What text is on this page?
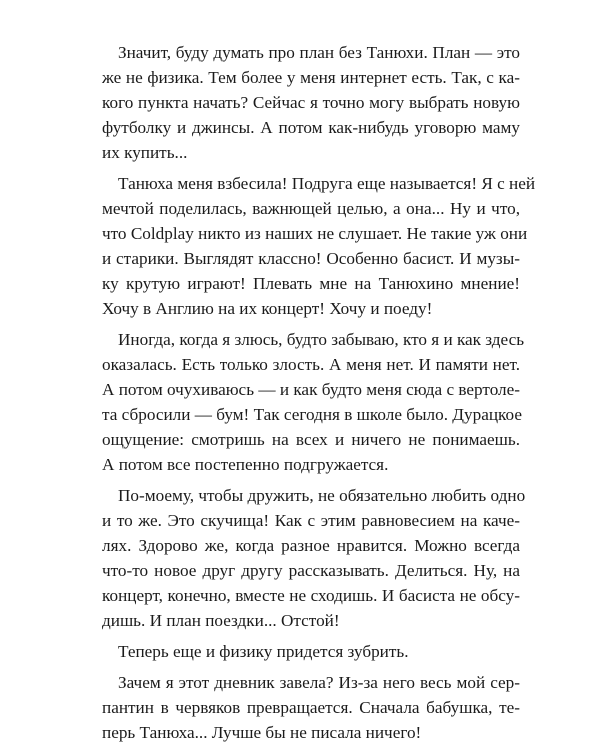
Значит, буду думать про план без Танюхи. План — это
же не физика. Тем более у меня интернет есть. Так, с ка-
кого пункта начать? Сейчас я точно могу выбрать новую
футболку и джинсы. А потом как-нибудь уговорю маму
их купить...
Танюха меня взбесила! Подруга еще называется! Я с ней
мечтой поделилась, важнющей целью, а она... Ну и что,
что Coldplay никто из наших не слушает. Не такие уж они
и старики. Выглядят классно! Особенно басист. И музы-
ку крутую играют! Плевать мне на Танюхино мнение!
Хочу в Англию на их концерт! Хочу и поеду!
Иногда, когда я злюсь, будто забываю, кто я и как здесь
оказалась. Есть только злость. А меня нет. И памяти нет.
А потом очухиваюсь — и как будто меня сюда с вертоле-
та сбросили — бум! Так сегодня в школе было. Дурацкое
ощущение: смотришь на всех и ничего не понимаешь.
А потом все постепенно подгружается.
По-моему, чтобы дружить, не обязательно любить одно
и то же. Это скучища! Как с этим равновесием на каче-
лях. Здорово же, когда разное нравится. Можно всегда
что-то новое друг другу рассказывать. Делиться. Ну, на
концерт, конечно, вместе не сходишь. И басиста не обсу-
дишь. И план поездки... Отстой!
Теперь еще и физику придется зубрить.
Зачем я этот дневник завела? Из-за него весь мой сер-
пантин в червяков превращается. Сначала бабушка, те-
перь Танюха... Лучше бы не писала ничего!
